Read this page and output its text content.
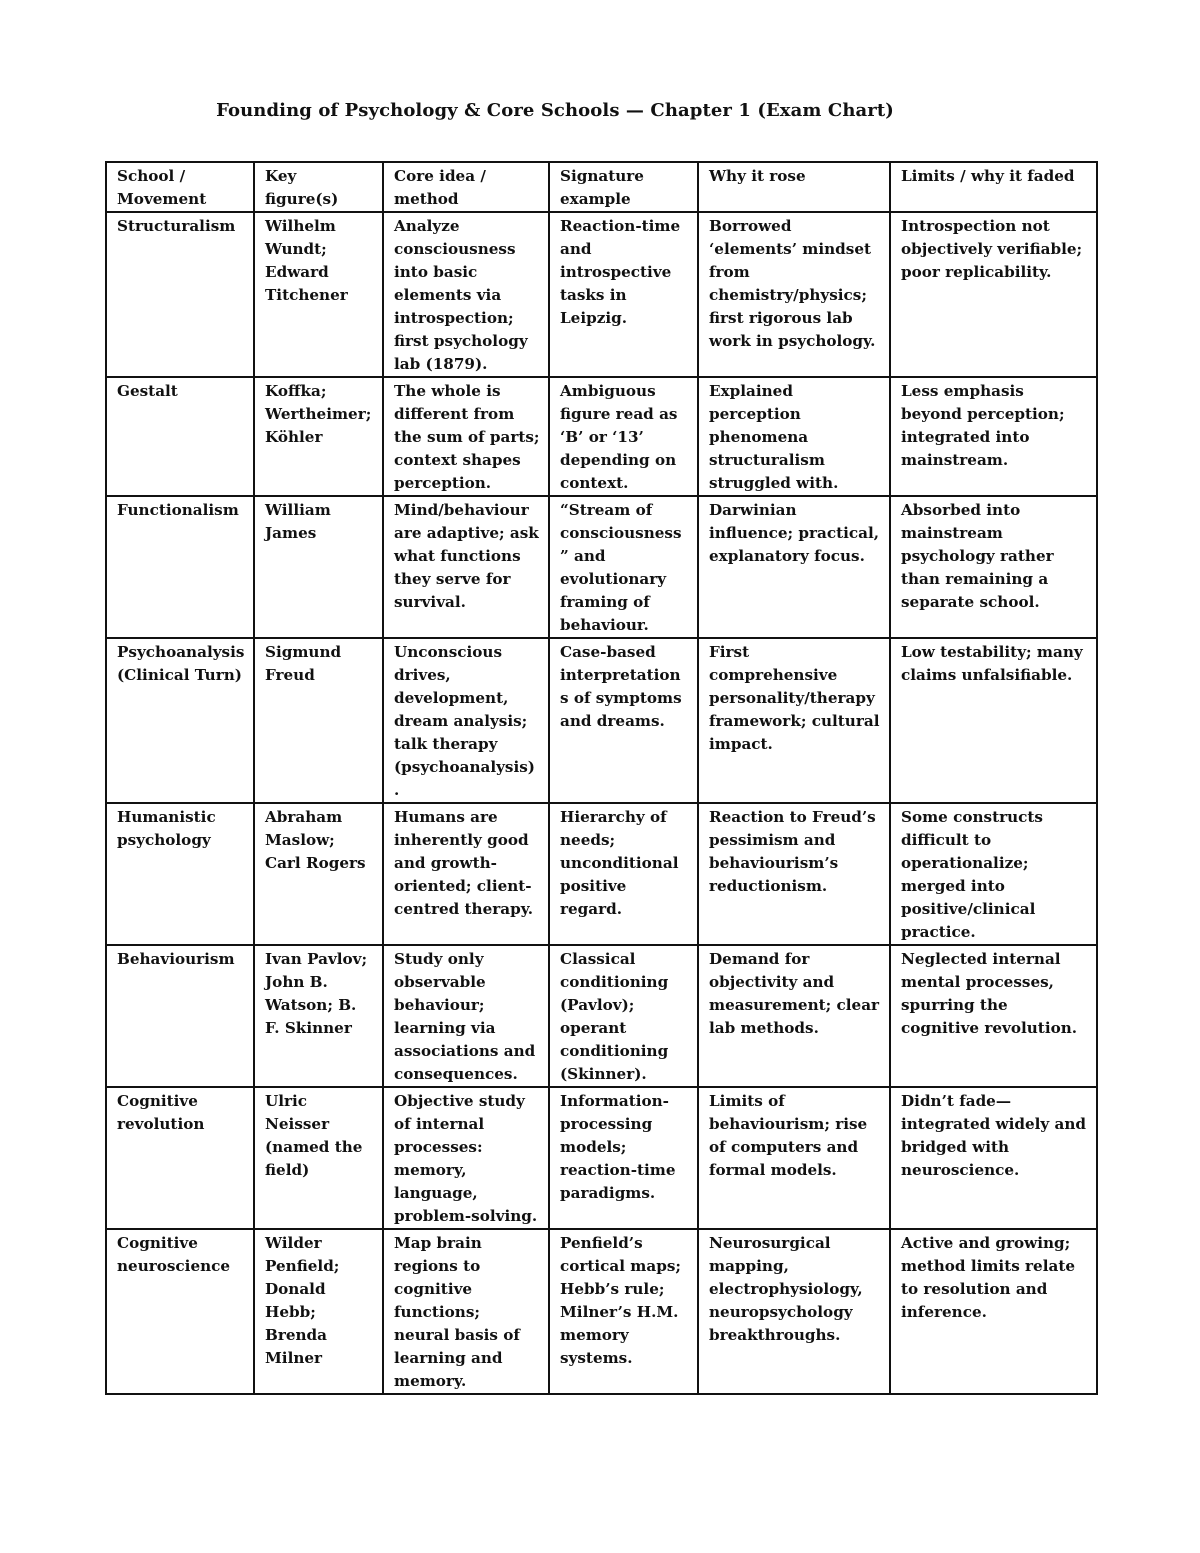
Founding of Psychology & Core Schools — Chapter 1 (Exam Chart)
School / Movement	Key figure(s)	Core idea / method	Signature example	Why it rose	Limits / why it faded
Structuralism	Wilhelm Wundt; Edward Titchener	Analyze consciousness into basic elements via introspection; first psychology lab (1879).	Reaction-time and introspective tasks in Leipzig.	Borrowed ‘elements’ mindset from chemistry/physics; first rigorous lab work in psychology.	Introspection not objectively verifiable; poor replicability.
Gestalt	Koffka; Wertheimer; Köhler	The whole is different from the sum of parts; context shapes perception.	Ambiguous figure read as ‘B’ or ‘13’ depending on context.	Explained perception phenomena structuralism struggled with.	Less emphasis beyond perception; integrated into mainstream.
Functionalism	William James	Mind/behaviour are adaptive; ask what functions they serve for survival.	“Stream of consciousness” and evolutionary framing of behaviour.	Darwinian influence; practical, explanatory focus.	Absorbed into mainstream psychology rather than remaining a separate school.
Psychoanalysis (Clinical Turn)	Sigmund Freud	Unconscious drives, development, dream analysis; talk therapy (psychoanalysis).	Case-based interpretations of symptoms and dreams.	First comprehensive personality/therapy framework; cultural impact.	Low testability; many claims unfalsifiable.
Humanistic psychology	Abraham Maslow; Carl Rogers	Humans are inherently good and growth-oriented; client-centred therapy.	Hierarchy of needs; unconditional positive regard.	Reaction to Freud’s pessimism and behaviourism’s reductionism.	Some constructs difficult to operationalize; merged into positive/clinical practice.
Behaviourism	Ivan Pavlov; John B. Watson; B. F. Skinner	Study only observable behaviour; learning via associations and consequences.	Classical conditioning (Pavlov); operant conditioning (Skinner).	Demand for objectivity and measurement; clear lab methods.	Neglected internal mental processes, spurring the cognitive revolution.
Cognitive revolution	Ulric Neisser (named the field)	Objective study of internal processes: memory, language, problem-solving.	Information-processing models; reaction-time paradigms.	Limits of behaviourism; rise of computers and formal models.	Didn’t fade—integrated widely and bridged with neuroscience.
Cognitive neuroscience	Wilder Penfield; Donald Hebb; Brenda Milner	Map brain regions to cognitive functions; neural basis of learning and memory.	Penfield’s cortical maps; Hebb’s rule; Milner’s H.M. memory systems.	Neurosurgical mapping, electrophysiology, neuropsychology breakthroughs.	Active and growing; method limits relate to resolution and inference.
